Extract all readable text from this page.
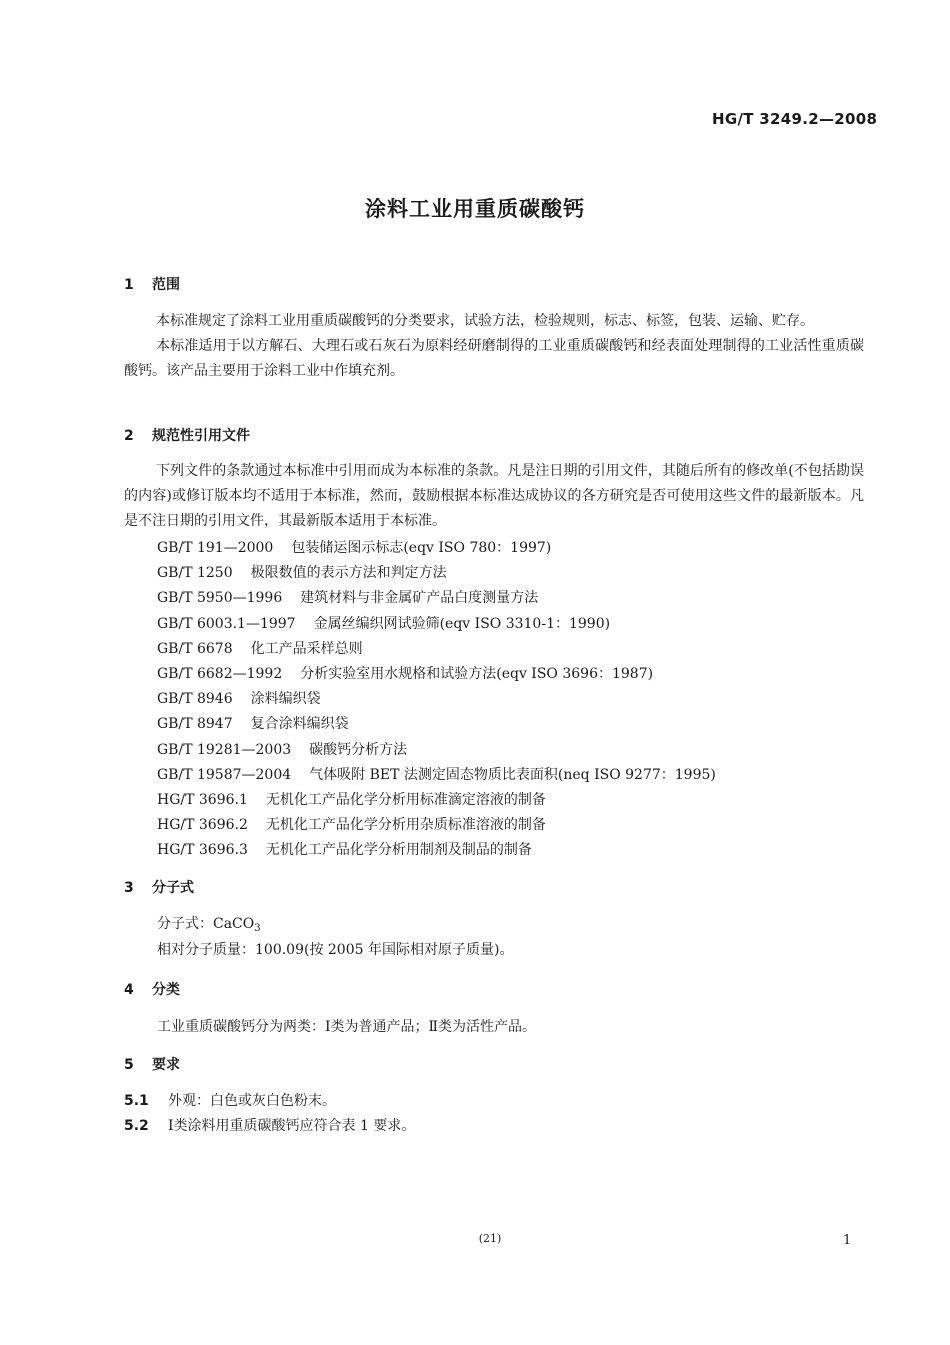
HG/T 3249.2—2008
涂料工业用重质碳酸钙
1 范围

本标准规定了涂料工业用重质碳酸钙的分类要求，试验方法，检验规则，标志、标签，包装、运输、贮存。

本标准适用于以方解石、大理石或石灰石为原料经研磨制得的工业重质碳酸钙和经表面处理制得的工业活性重质碳酸钙。该产品主要用于涂料工业中作填充剂。

2 规范性引用文件

下列文件的条款通过本标准中引用而成为本标准的条款。凡是注日期的引用文件，其随后所有的修改单(不包括勘误的内容)或修订版本均不适用于本标准，然而，鼓励根据本标准达成协议的各方研究是否可使用这些文件的最新版本。凡是不注日期的引用文件，其最新版本适用于本标准。

GB/T 191—2000 包装储运图示标志(eqv ISO 780：1997)
GB/T 1250 极限数值的表示方法和判定方法
GB/T 5950—1996 建筑材料与非金属矿产品白度测量方法
GB/T 6003.1—1997 金属丝编织网试验筛(eqv ISO 3310-1：1990)
GB/T 6678 化工产品采样总则
GB/T 6682—1992 分析实验室用水规格和试验方法(eqv ISO 3696：1987)
GB/T 8946 涂料编织袋
GB/T 8947 复合涂料编织袋
GB/T 19281—2003 碳酸钙分析方法
GB/T 19587—2004 气体吸附 BET 法测定固态物质比表面积(neq ISO 9277：1995)
HG/T 3696.1 无机化工产品化学分析用标准滴定溶液的制备
HG/T 3696.2 无机化工产品化学分析用杂质标准溶液的制备
HG/T 3696.3 无机化工产品化学分析用制剂及制品的制备
3 分子式
分子式：CaCO$_3$
相对分子质量：100.09(按 2005 年国际相对原子质量)。
4 分类
工业重质碳酸钙分为两类：Ⅰ类为普通产品；Ⅱ类为活性产品。
5 要求
5.1 外观：白色或灰白色粉末。
5.2 Ⅰ类涂料用重质碳酸钙应符合表 1 要求。
(21)	1
